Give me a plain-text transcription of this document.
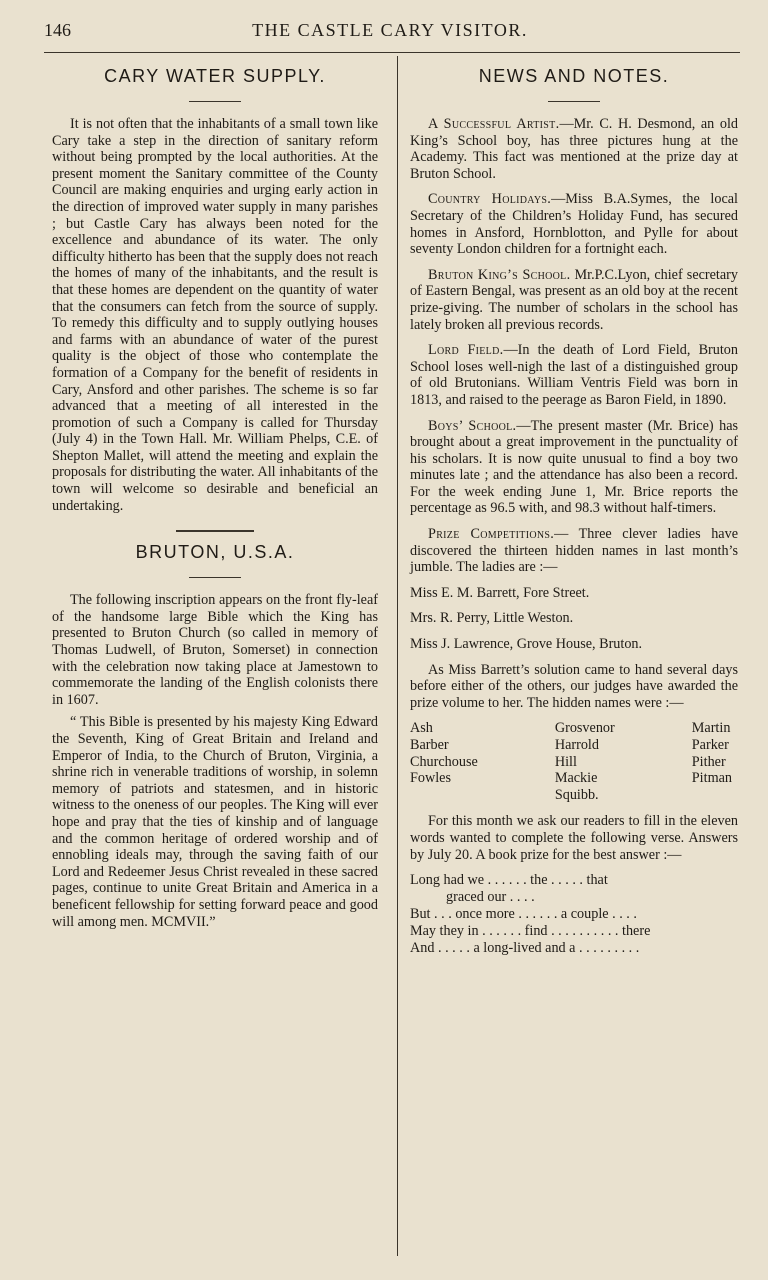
146	THE CASTLE CARY VISITOR.
CARY WATER SUPPLY.

It is not often that the inhabitants of a small town like Cary take a step in the direction of sanitary reform without being prompted by the local authorities. At the present moment the Sanitary committee of the County Council are making enquiries and urging early action in the direction of improved water supply in many parishes ; but Castle Cary has always been noted for the excellence and abundance of its water. The only difficulty hitherto has been that the supply does not reach the homes of many of the inhabitants, and the result is that these homes are dependent on the quantity of water that the consumers can fetch from the source of supply. To remedy this difficulty and to supply outlying houses and farms with an abundance of water of the purest quality is the object of those who contemplate the formation of a Company for the benefit of residents in Cary, Ansford and other parishes. The scheme is so far advanced that a meeting of all interested in the promotion of such a Company is called for Thursday (July 4) in the Town Hall. Mr. William Phelps, C.E. of Shepton Mallet, will attend the meeting and explain the proposals for distributing the water. All inhabitants of the town will welcome so desirable and beneficial an undertaking.

BRUTON, U.S.A.

The following inscription appears on the front fly-leaf of the handsome large Bible which the King has presented to Bruton Church (so called in memory of Thomas Ludwell, of Bruton, Somerset) in connection with the celebration now taking place at Jamestown to commemorate the landing of the English colonists there in 1607.

“ This Bible is presented by his majesty King Edward the Seventh, King of Great Britain and Ireland and Emperor of India, to the Church of Bruton, Virginia, a shrine rich in venerable traditions of worship, in solemn memory of patriots and statesmen, and in historic witness to the oneness of our peoples. The King will ever hope and pray that the ties of kinship and of language and the common heritage of ordered worship and of ennobling ideals may, through the saving faith of our Lord and Redeemer Jesus Christ revealed in these sacred pages, continue to unite Great Britain and America in a beneficent fellowship for setting forward peace and good will among men. MCMVII.”

NEWS AND NOTES.

A Successful Artist.—Mr. C. H. Desmond, an old King’s School boy, has three pictures hung at the Academy. This fact was mentioned at the prize day at Bruton School.

Country Holidays.—Miss B.A.Symes, the local Secretary of the Children’s Holiday Fund, has secured homes in Ansford, Hornblotton, and Pylle for about seventy London children for a fortnight each.

Bruton King’s School. Mr.P.C.Lyon, chief secretary of Eastern Bengal, was present as an old boy at the recent prize-giving. The number of scholars in the school has lately broken all previous records.

Lord Field.—In the death of Lord Field, Bruton School loses well-nigh the last of a distinguished group of old Brutonians. William Ventris Field was born in 1813, and raised to the peerage as Baron Field, in 1890.

Boys’ School.—The present master (Mr. Brice) has brought about a great improvement in the punctuality of his scholars. It is now quite unusual to find a boy two minutes late ; and the attendance has also been a record. For the week ending June 1, Mr. Brice reports the percentage as 96.5 with, and 98.3 without half-timers.

Prize Competitions.— Three clever ladies have discovered the thirteen hidden names in last month’s jumble. The ladies are :—

Miss E. M. Barrett, Fore Street.
Mrs. R. Perry, Little Weston.
Miss J. Lawrence, Grove House, Bruton.

As Miss Barrett’s solution came to hand several days before either of the others, our judges have awarded the prize volume to her. The hidden names were :—

Ash
Barber
Churchouse
Fowles
Grosvenor
Harrold
Hill
Mackie
Squibb.
Martin
Parker
Pither
Pitman

For this month we ask our readers to fill in the eleven words wanted to complete the following verse. Answers by July 20. A book prize for the best answer :—

Long had we . . . . . . the . . . . . that
graced our . . . .
But . . . once more . . . . . . a couple . . . .
May they in . . . . . . find . . . . . . . . . . there
And . . . . . a long-lived and a . . . . . . . . .
